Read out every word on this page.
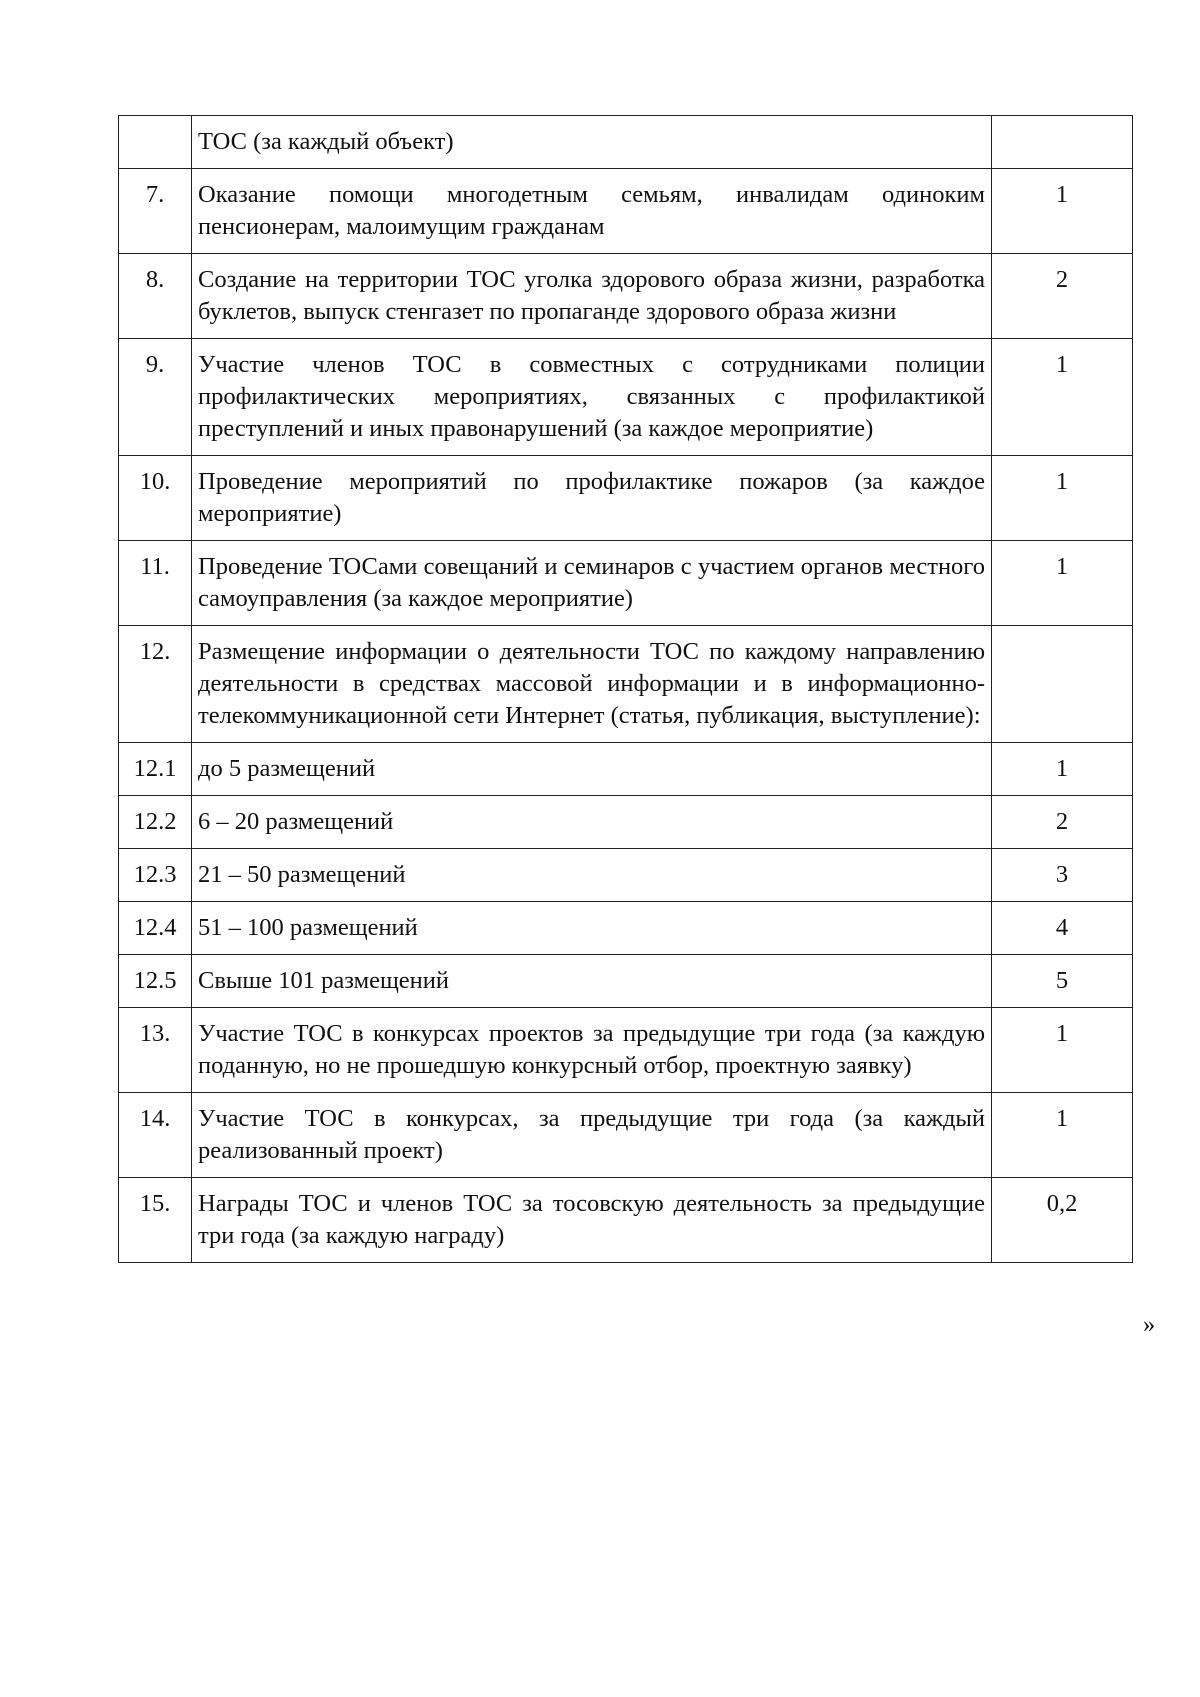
	ТОС (за каждый объект)	
7.	Оказание помощи многодетным семьям, инвалидам одиноким пенсионерам, малоимущим гражданам	1
8.	Создание на территории ТОС уголка здорового образа жизни, разработка буклетов, выпуск стенгазет по пропаганде здорового образа жизни	2
9.	Участие членов ТОС в совместных с сотрудниками полиции профилактических мероприятиях, связанных с профилактикой преступлений и иных правонарушений (за каждое мероприятие)	1
10.	Проведение мероприятий по профилактике пожаров (за каждое мероприятие)	1
11.	Проведение ТОСами совещаний и семинаров с участием органов местного самоуправления (за каждое мероприятие)	1
12.	Размещение информации о деятельности ТОС по каждому направлению деятельности в средствах массовой информации и в информационно-телекоммуникационной сети Интернет (статья, публикация, выступление):	
12.1	до 5 размещений	1
12.2	6 – 20 размещений	2
12.3	21 – 50 размещений	3
12.4	51 – 100 размещений	4
12.5	Свыше 101 размещений	5
13.	Участие ТОС в конкурсах проектов за предыдущие три года (за каждую поданную, но не прошедшую конкурсный отбор, проектную заявку)	1
14.	Участие ТОС в конкурсах, за предыдущие три года (за каждый реализованный проект)	1
15.	Награды ТОС и членов ТОС за тосовскую деятельность за предыдущие три года (за каждую награду)	0,2
»
